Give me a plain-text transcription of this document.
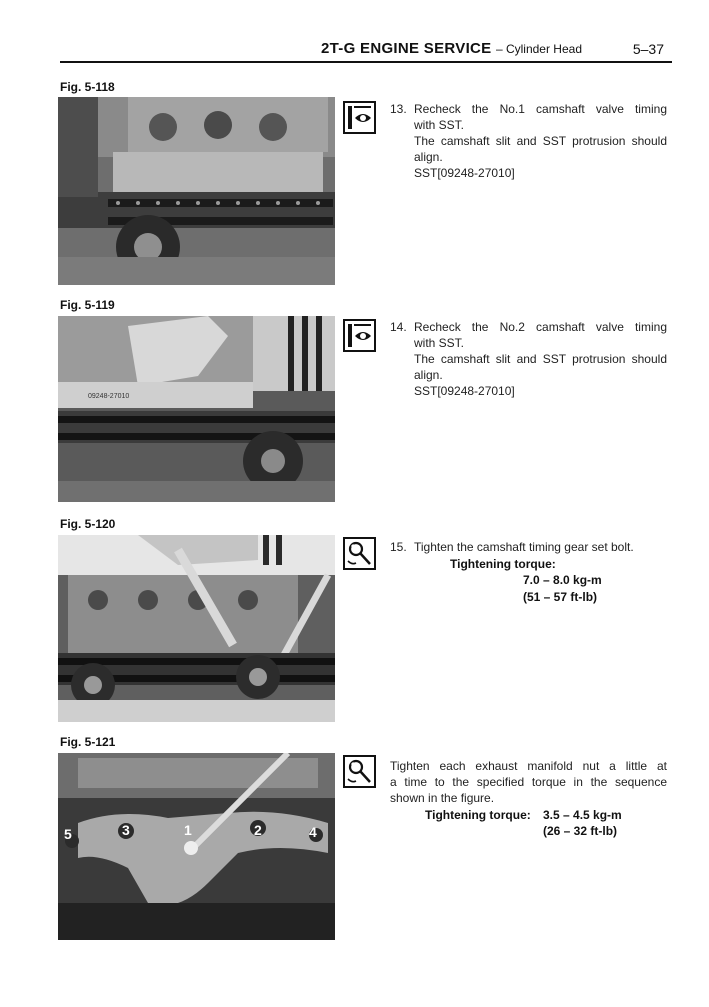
2T-G ENGINE SERVICE – Cylinder Head	5–37
Fig. 5-118
13. Recheck the No.1 camshaft valve timing
with SST.
The camshaft slit and SST protrusion should
align.
SST[09248-27010]
Fig. 5-119
09248-27010
14. Recheck the No.2 camshaft valve timing
with SST.
The camshaft slit and SST protrusion should
align.
SST[09248-27010]
Fig. 5-120
15. Tighten the camshaft timing gear set bolt.
Tightening torque:
7.0 – 8.0 kg-m
(51 – 57 ft-lb)
Fig. 5-121
1	2
3	4
5
Tighten each exhaust manifold nut a little at
a time to the specified torque in the sequence
shown in the figure.
Tightening torque: 3.5 – 4.5 kg-m
(26 – 32 ft-lb)
